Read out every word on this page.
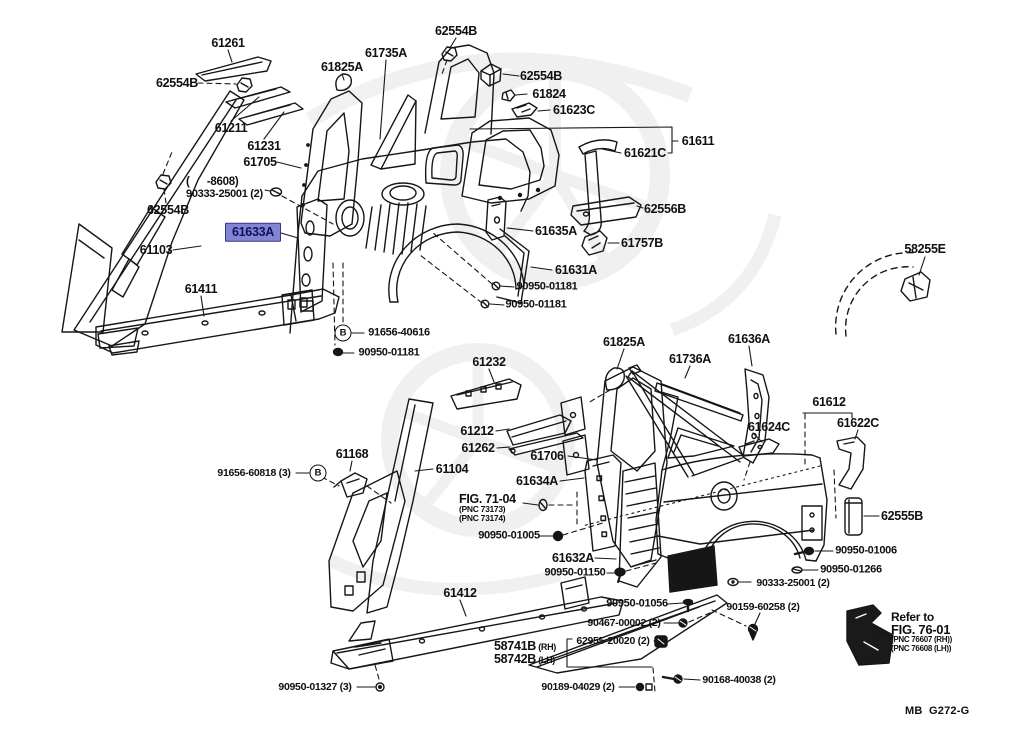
(      -8608)
90333-25001 (2)
FIG. 71-04
(PNC 73173)
(PNC 73174)
Refer to
FIG. 76-01
(PNC 76607 (RH))
(PNC 76608 (LH))
58741B (RH)
58742B (LH)
MB  G272-G
61261
62554B
61211
61231
61705
61825A
61735A
62554B
62554B
61824
61623C
61611
61621C
62554B
61103
61633A
62556B
61635A
61757B
61631A
90950-01181
90950-01181
61411
91656-40616
90950-01181
58255E
61232
61825A
61736A
61636A
61624C
61612
61622C
61212
61262
61706
61634A
61168
91656-60818 (3)	61104
90950-01005
61632A
90950-01150
62555B
90950-01006
90950-01266
90333-25001 (2)
90159-60258 (2)
61412
90950-01056
90467-00002 (2)
62955-20020 (2)
90189-04029 (2)
90168-40038 (2)
90950-01327 (3)
B
B
